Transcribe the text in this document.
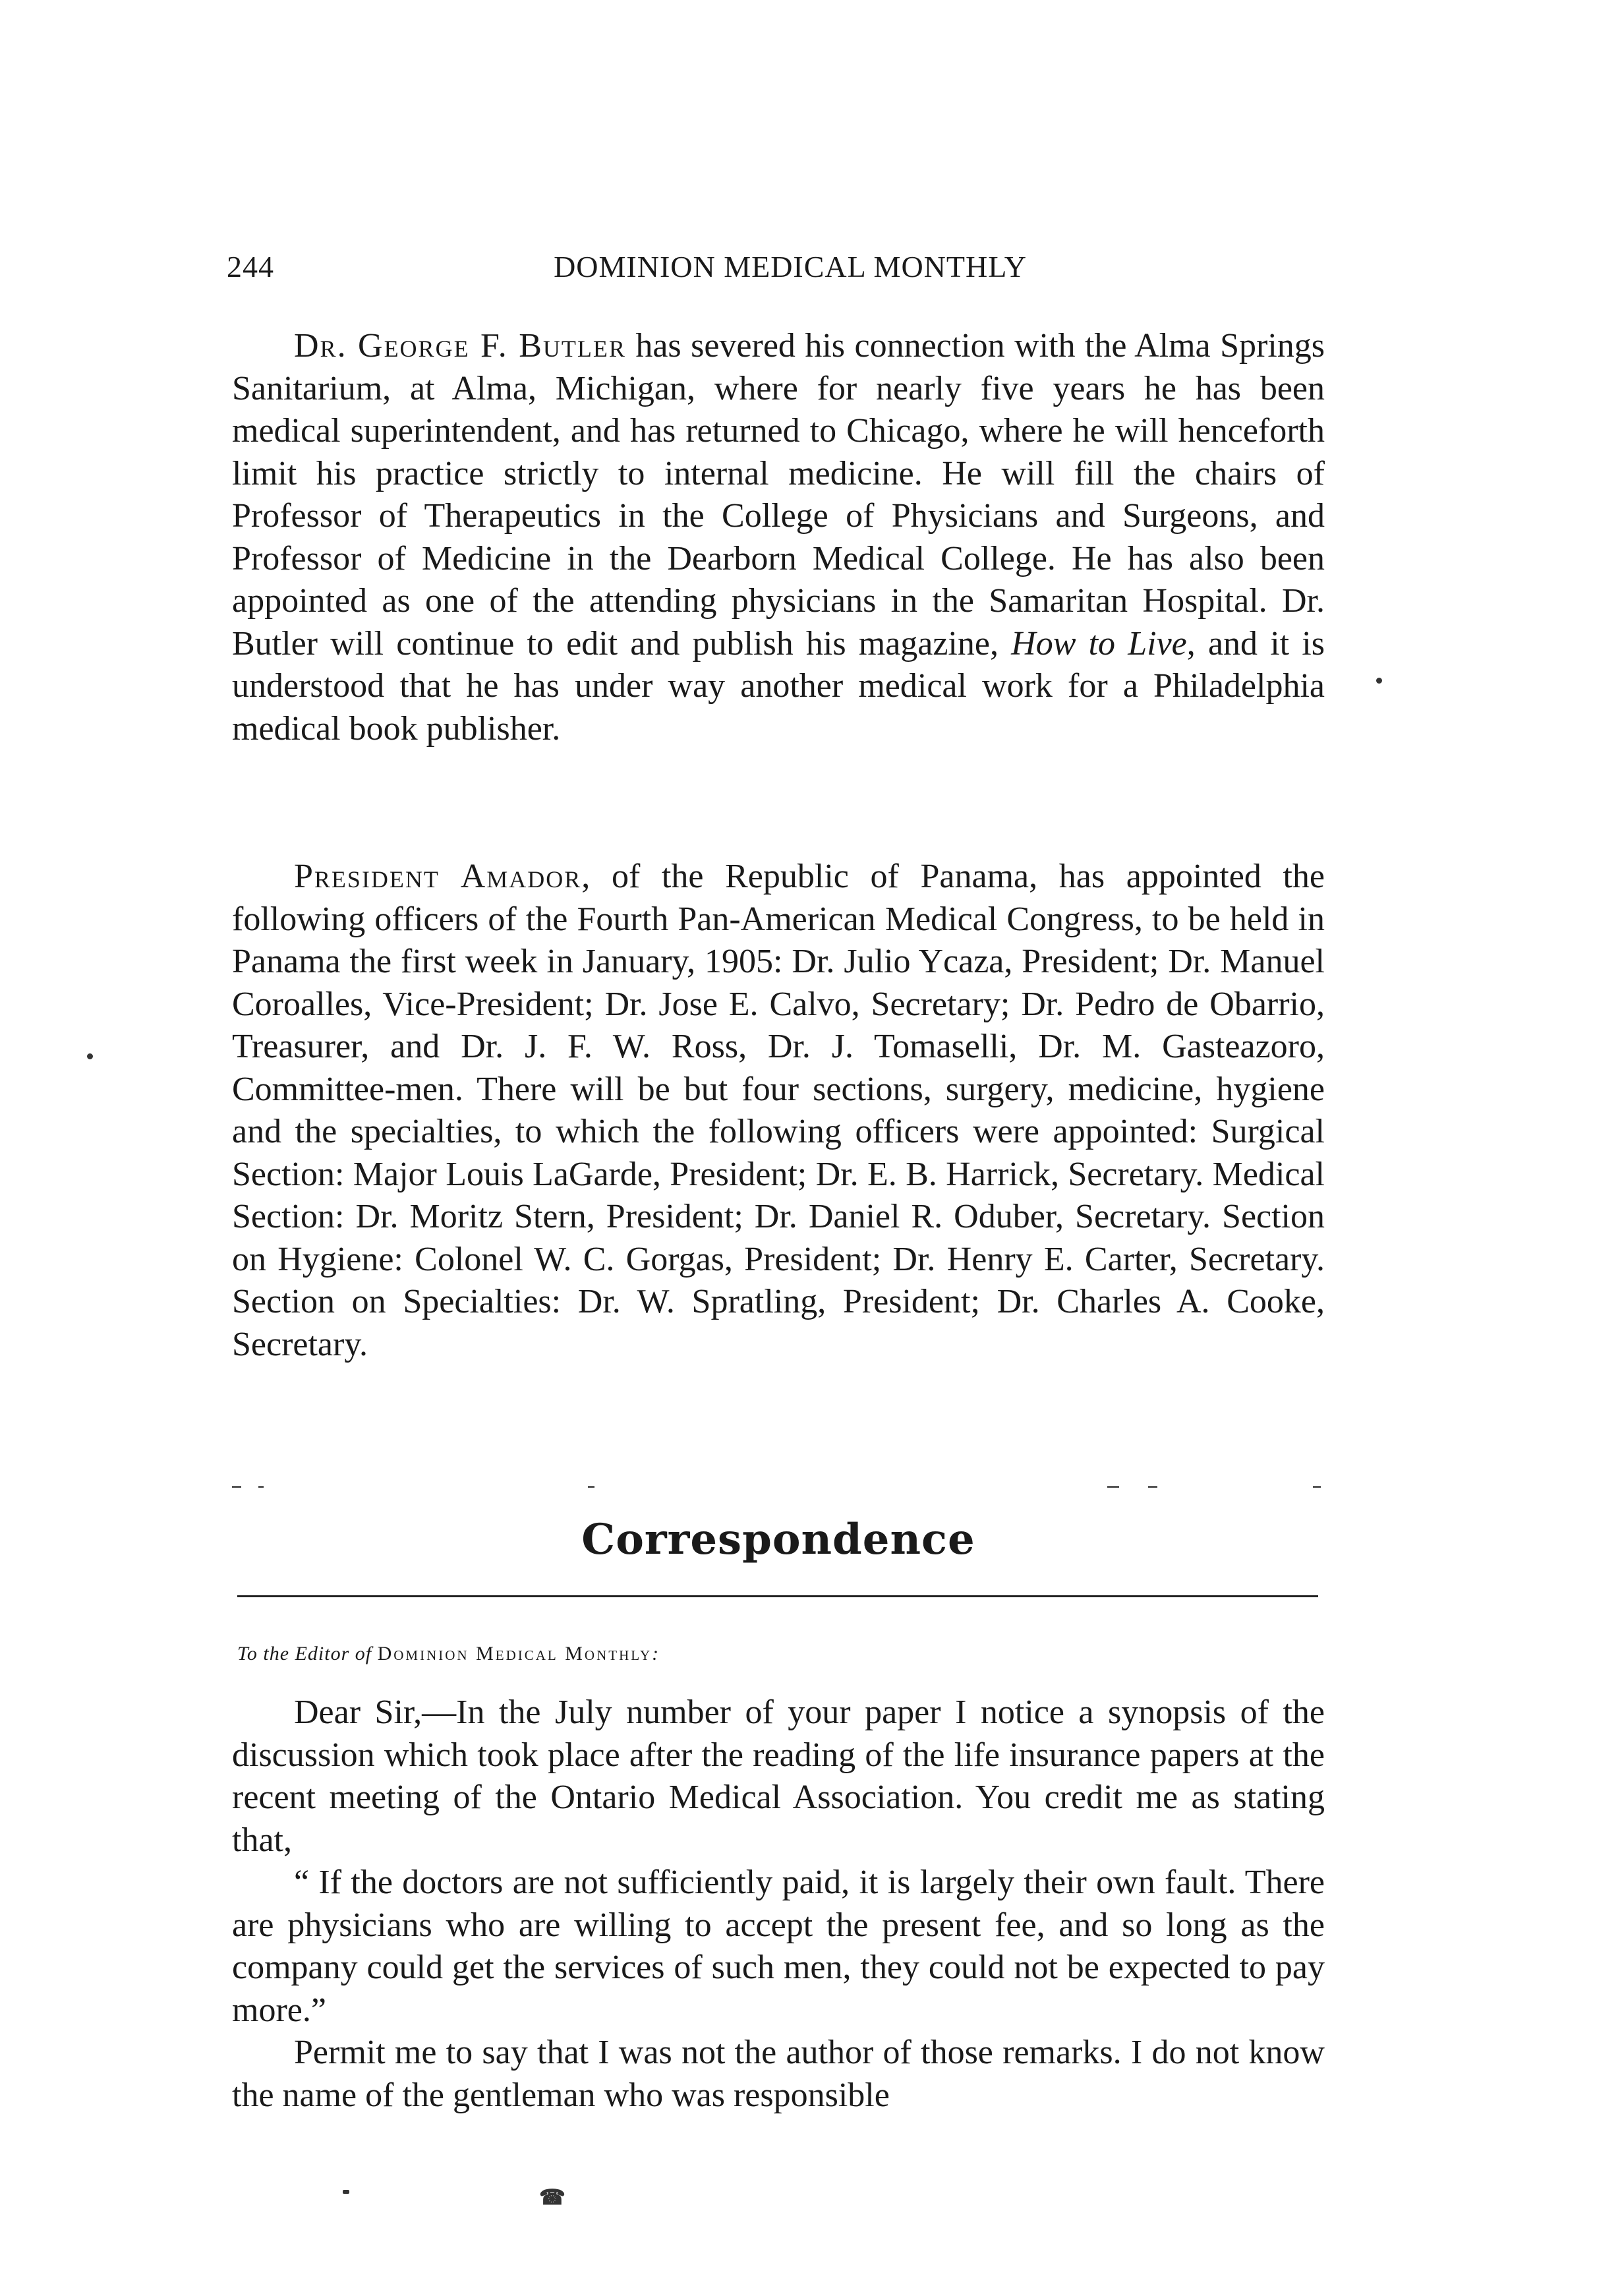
244	DOMINION MEDICAL MONTHLY

Dr. George F. Butler has severed his connection with the Alma Springs Sanitarium, at Alma, Michigan, where for nearly five years he has been medical superintendent, and has returned to Chicago, where he will henceforth limit his practice strictly to internal medicine. He will fill the chairs of Professor of Therapeutics in the College of Physicians and Surgeons, and Professor of Medicine in the Dearborn Medical College. He has also been appointed as one of the attending physicians in the Samaritan Hospital. Dr. Butler will continue to edit and publish his magazine, How to Live, and it is understood that he has under way another medical work for a Philadelphia medical book publisher.

President Amador, of the Republic of Panama, has appointed the following officers of the Fourth Pan-American Medical Congress, to be held in Panama the first week in January, 1905: Dr. Julio Ycaza, President; Dr. Manuel Coroalles, Vice-President; Dr. Jose E. Calvo, Secretary; Dr. Pedro de Obarrio, Treasurer, and Dr. J. F. W. Ross, Dr. J. Tomaselli, Dr. M. Gasteazoro, Committee-men. There will be but four sections, surgery, medicine, hygiene and the specialties, to which the following officers were appointed: Surgical Section: Major Louis LaGarde, President; Dr. E. B. Harrick, Secretary. Medical Section: Dr. Moritz Stern, President; Dr. Daniel R. Oduber, Secretary. Section on Hygiene: Colonel W. C. Gorgas, President; Dr. Henry E. Carter, Secretary. Section on Specialties: Dr. W. Spratling, President; Dr. Charles A. Cooke, Secretary.

Correspondence
To the Editor of Dominion Medical Monthly:

Dear Sir,—In the July number of your paper I notice a synopsis of the discussion which took place after the reading of the life insurance papers at the recent meeting of the Ontario Medical Association. You credit me as stating that,

“ If the doctors are not sufficiently paid, it is largely their own fault. There are physicians who are willing to accept the present fee, and so long as the company could get the services of such men, they could not be expected to pay more.”

Permit me to say that I was not the author of those remarks. I do not know the name of the gentleman who was responsible

☎
